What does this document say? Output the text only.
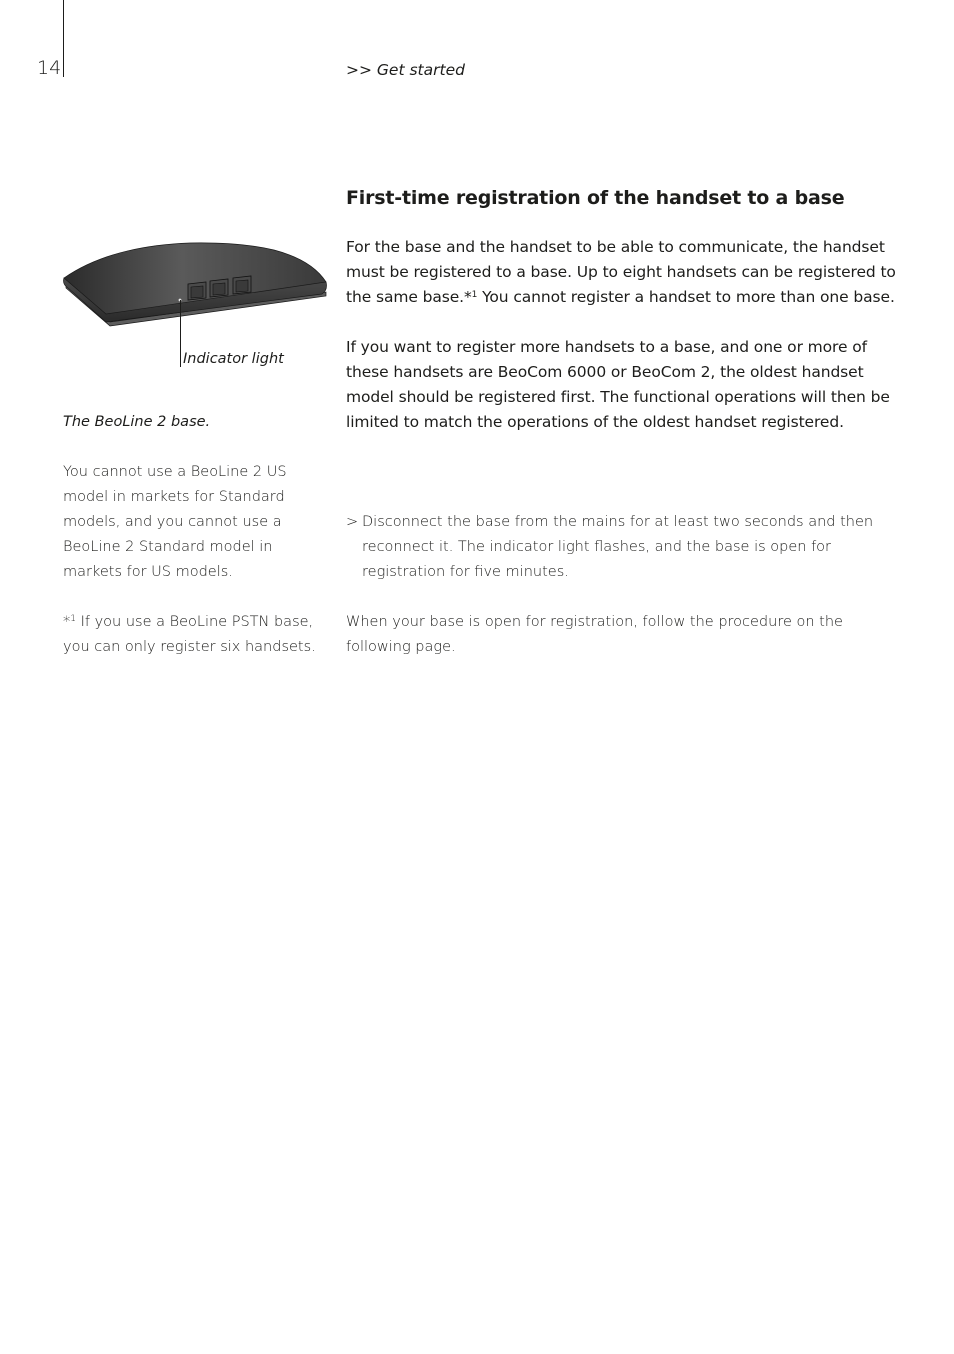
14	>> Get started
Indicator light

The BeoLine 2 base.

You cannot use a BeoLine 2 US model in markets for Standard models, and you cannot use a BeoLine 2 Standard model in markets for US models.

*$^1$ If you use a BeoLine PSTN base, you can only register six handsets.

First-time registration of the handset to a base

For the base and the handset to be able to communicate, the handset must be registered to a base. Up to eight handsets can be registered to the same base.*$^1$ You cannot register a handset to more than one base.

If you want to register more handsets to a base, and one or more of these handsets are BeoCom 6000 or BeoCom 2, the oldest handset model should be registered first. The functional operations will then be limited to match the operations of the oldest handset registered.

> Disconnect the base from the mains for at least two seconds and then reconnect it. The indicator light flashes, and the base is open for registration for five minutes.
When your base is open for registration, follow the procedure on the following page.
